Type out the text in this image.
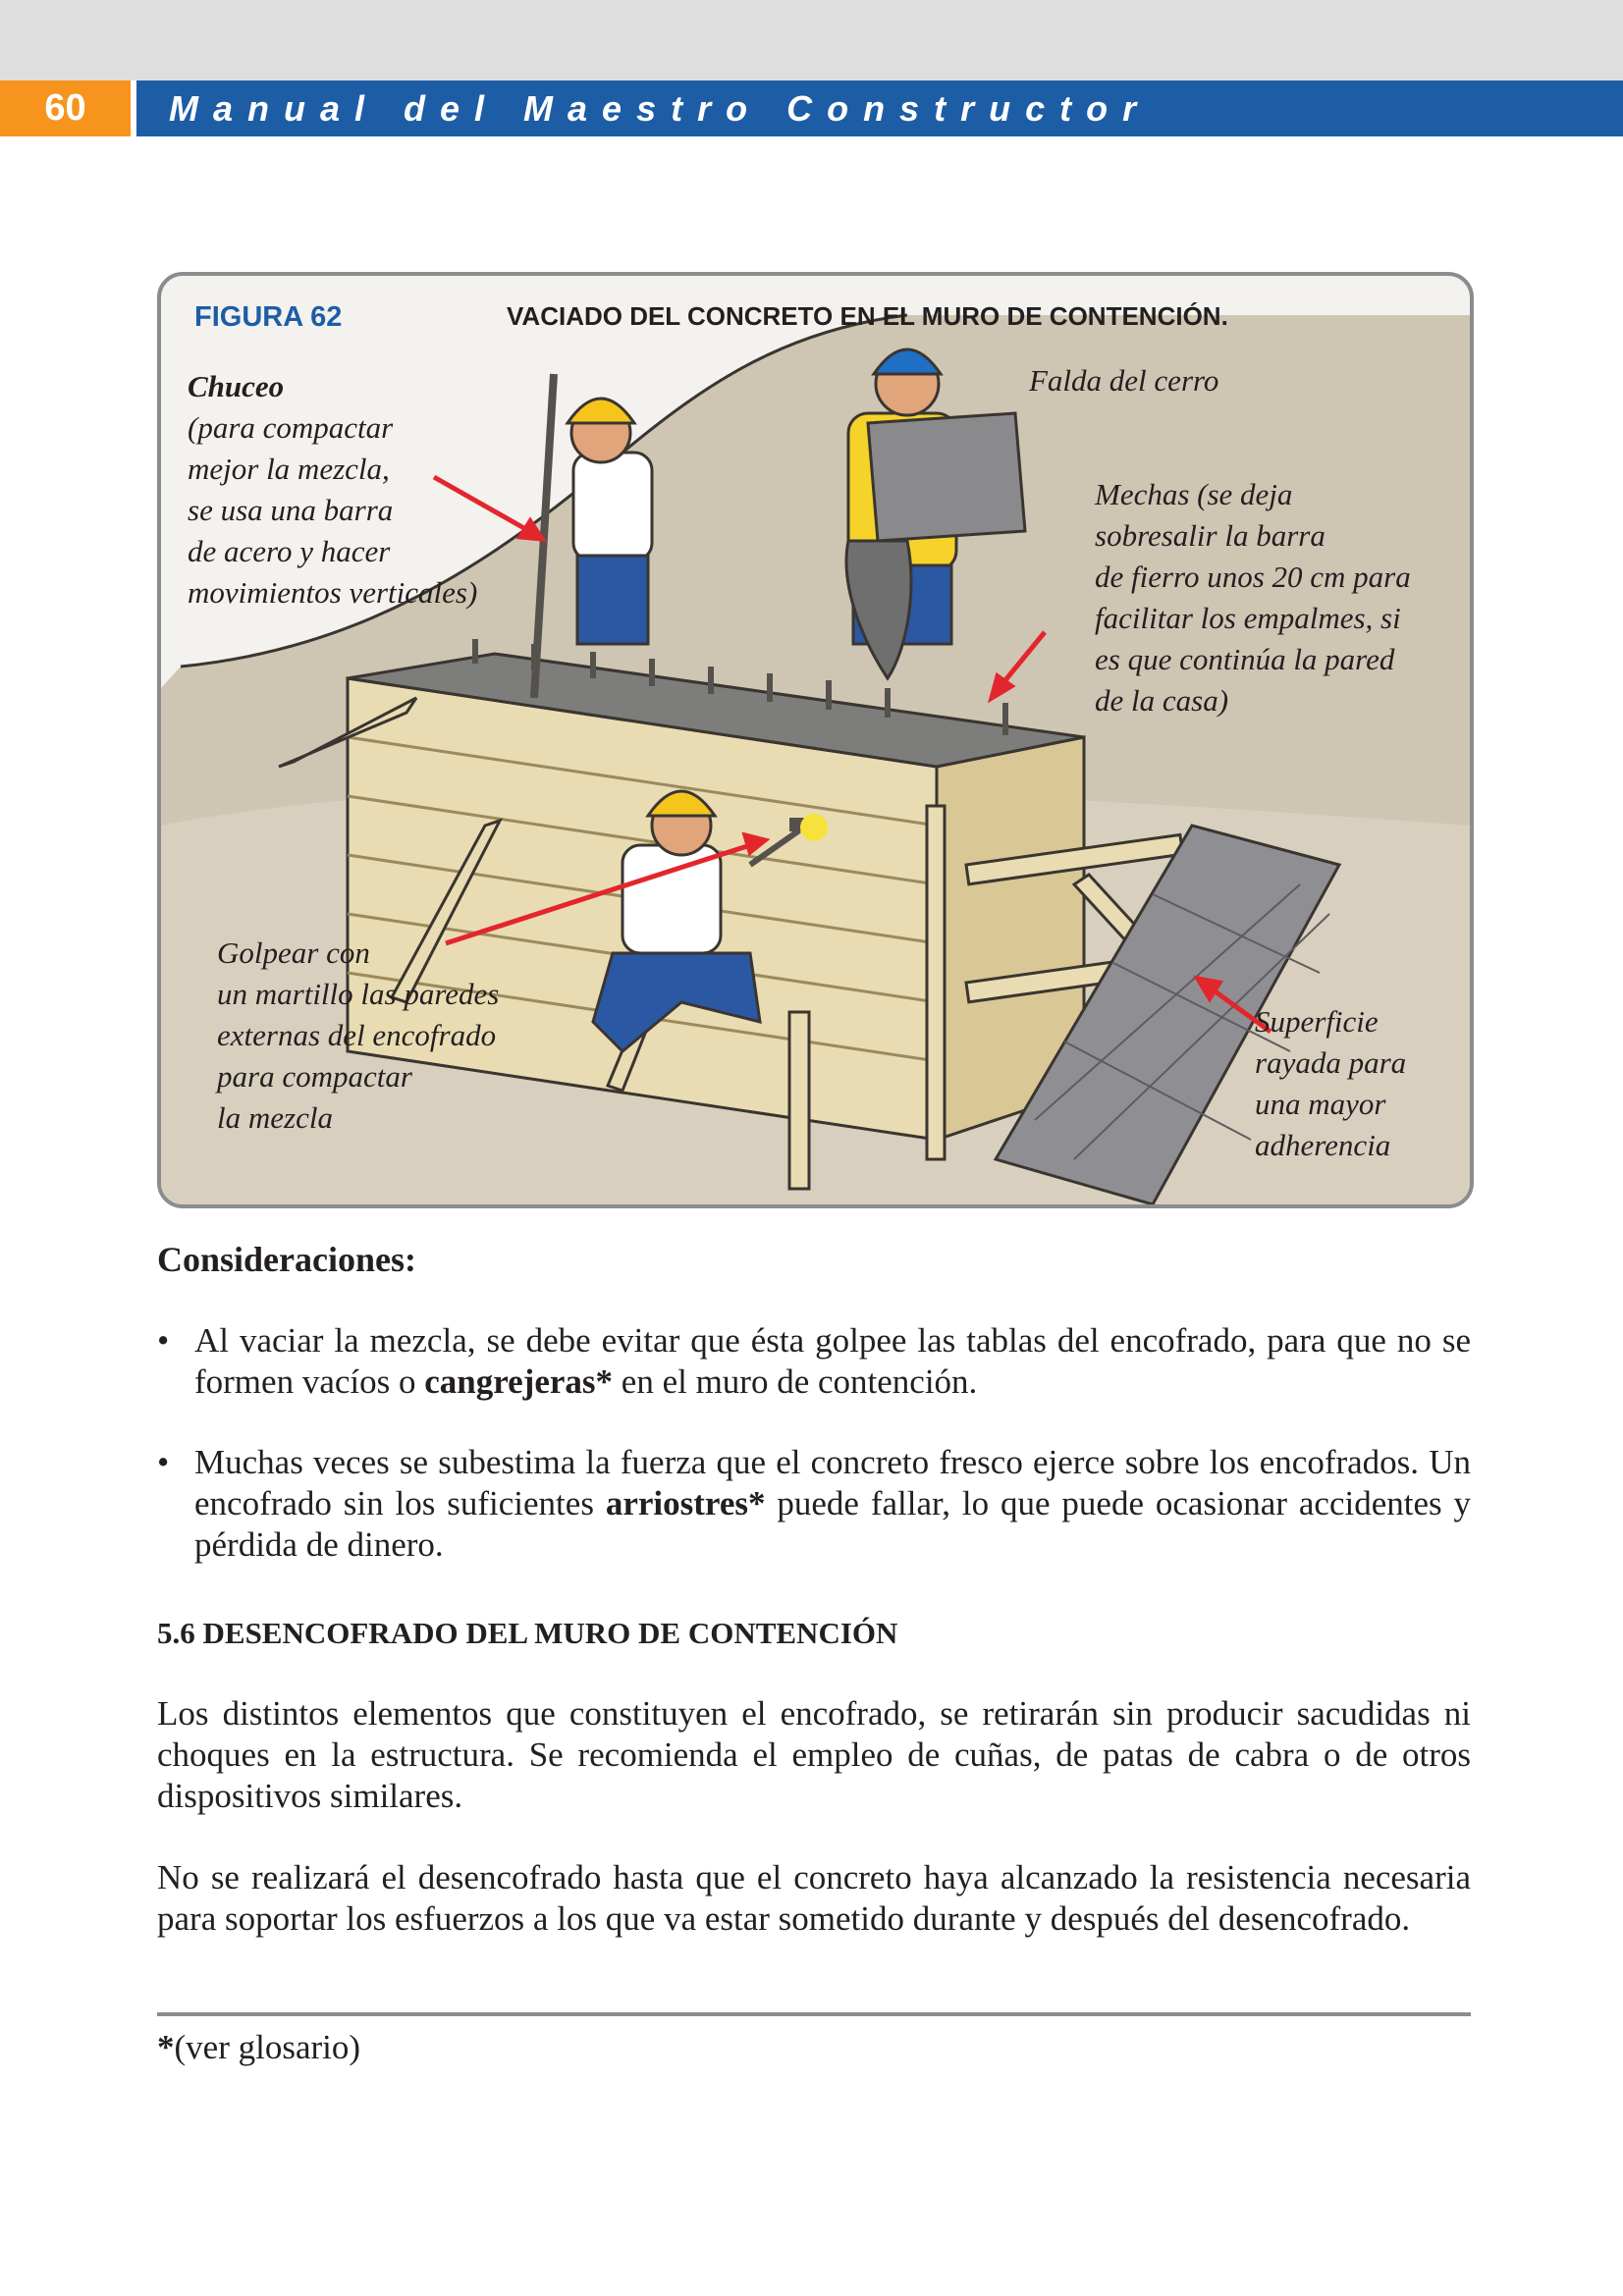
60	Manual del Maestro Constructor
FIGURA 62	VACIADO DEL CONCRETO EN EL MURO DE CONTENCIÓN.
Chuceo
(para compactar
mejor la mezcla,
se usa una barra
de acero y hacer
movimientos verticales)
Falda del cerro
Mechas (se deja
sobresalir la barra
de fierro unos 20 cm para
facilitar los empalmes, si
es que continúa la pared
de la casa)
Golpear con
un martillo las paredes
externas del encofrado
para compactar
la mezcla
Superficie
rayada para
una mayor
adherencia
Consideraciones:
• Al vaciar la mezcla, se debe evitar que ésta golpee las tablas del encofrado, para que no se formen vacíos o cangrejeras* en el muro de contención.
• Muchas veces se subestima la fuerza que el concreto fresco ejerce sobre los encofrados. Un encofrado sin los suficientes arriostres* puede fallar, lo que puede ocasionar accidentes y pérdida de dinero.
5.6 DESENCOFRADO DEL MURO DE CONTENCIÓN
Los distintos elementos que constituyen el encofrado, se retirarán sin producir sacudidas ni choques en la estructura. Se recomienda el empleo de cuñas, de patas de cabra o de otros dispositivos similares.
No se realizará el desencofrado hasta que el concreto haya alcanzado la resistencia necesaria para soportar los esfuerzos a los que va estar sometido durante y después del desencofrado.
*(ver glosario)
